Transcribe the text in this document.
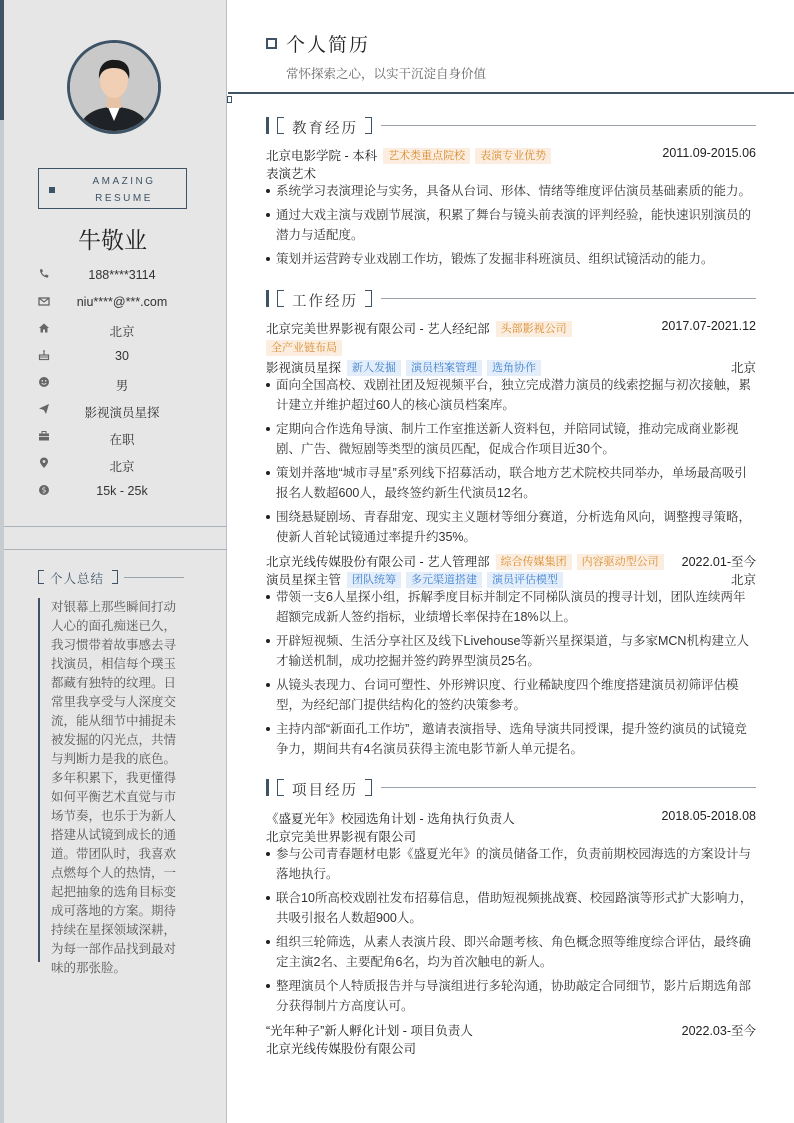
AMAZING
RESUME
牛敬业
188****3114
niu****@***.com
北京
30
男
影视演员星探
在职
北京
$	15k - 25k
个人总结
对银幕上那些瞬间打动人心的面孔痴迷已久，我习惯带着故事感去寻找演员，相信每个璞玉都藏有独特的纹理。日常里我享受与人深度交流，能从细节中捕捉未被发掘的闪光点，共情与判断力是我的底色。多年积累下，我更懂得如何平衡艺术直觉与市场节奏，也乐于为新人搭建从试镜到成长的通道。带团队时，我喜欢点燃每个人的热情，一起把抽象的选角目标变成可落地的方案。期待持续在星探领域深耕，为每一部作品找到最对味的那张脸。
个人简历
常怀探索之心，以实干沉淀自身价值
教育经历
北京电影学院 - 本科 艺术类重点院校 表演专业优势	2011.09-2015.06
表演艺术
系统学习表演理论与实务，具备从台词、形体、情绪等维度评估演员基础素质的能力。
通过大戏主演与戏剧节展演，积累了舞台与镜头前表演的评判经验，能快速识别演员的潜力与适配度。
策划并运营跨专业戏剧工作坊，锻炼了发掘非科班演员、组织试镜活动的能力。
工作经历
北京完美世界影视有限公司 - 艺人经纪部 头部影视公司	2017.07-2021.12
全产业链布局
影视演员星探 新人发掘 演员档案管理 选角协作	北京
面向全国高校、戏剧社团及短视频平台，独立完成潜力演员的线索挖掘与初次接触，累计建立并维护超过60人的核心演员档案库。
定期向合作选角导演、制片工作室推送新人资料包，并陪同试镜，推动完成商业影视剧、广告、微短剧等类型的演员匹配，促成合作项目近30个。
策划并落地“城市寻星”系列线下招募活动，联合地方艺术院校共同举办，单场最高吸引报名人数超600人，最终签约新生代演员12名。
围绕悬疑剧场、青春甜宠、现实主义题材等细分赛道，分析选角风向，调整搜寻策略，使新人首轮试镜通过率提升约35%。
北京光线传媒股份有限公司 - 艺人管理部 综合传媒集团 内容驱动型公司	2022.01-至今
演员星探主管 团队统筹 多元渠道搭建 演员评估模型	北京
带领一支6人星探小组，拆解季度目标并制定不同梯队演员的搜寻计划，团队连续两年超额完成新人签约指标，业绩增长率保持在18%以上。
开辟短视频、生活分享社区及线下Livehouse等新兴星探渠道，与多家MCN机构建立人才输送机制，成功挖掘并签约跨界型演员25名。
从镜头表现力、台词可塑性、外形辨识度、行业稀缺度四个维度搭建演员初筛评估模型，为经纪部门提供结构化的签约决策参考。
主持内部“新面孔工作坊”，邀请表演指导、选角导演共同授课，提升签约演员的试镜竞争力，期间共有4名演员获得主流电影节新人单元提名。
项目经历
《盛夏光年》校园选角计划 - 选角执行负责人	2018.05-2018.08
北京完美世界影视有限公司
参与公司青春题材电影《盛夏光年》的演员储备工作，负责前期校园海选的方案设计与落地执行。
联合10所高校戏剧社发布招募信息，借助短视频挑战赛、校园路演等形式扩大影响力，共吸引报名人数超900人。
组织三轮筛选，从素人表演片段、即兴命题考核、角色概念照等维度综合评估，最终确定主演2名、主要配角6名，均为首次触电的新人。
整理演员个人特质报告并与导演组进行多轮沟通，协助敲定合同细节，影片后期选角部分获得制片方高度认可。
“光年种子”新人孵化计划 - 项目负责人	2022.03-至今
北京光线传媒股份有限公司
